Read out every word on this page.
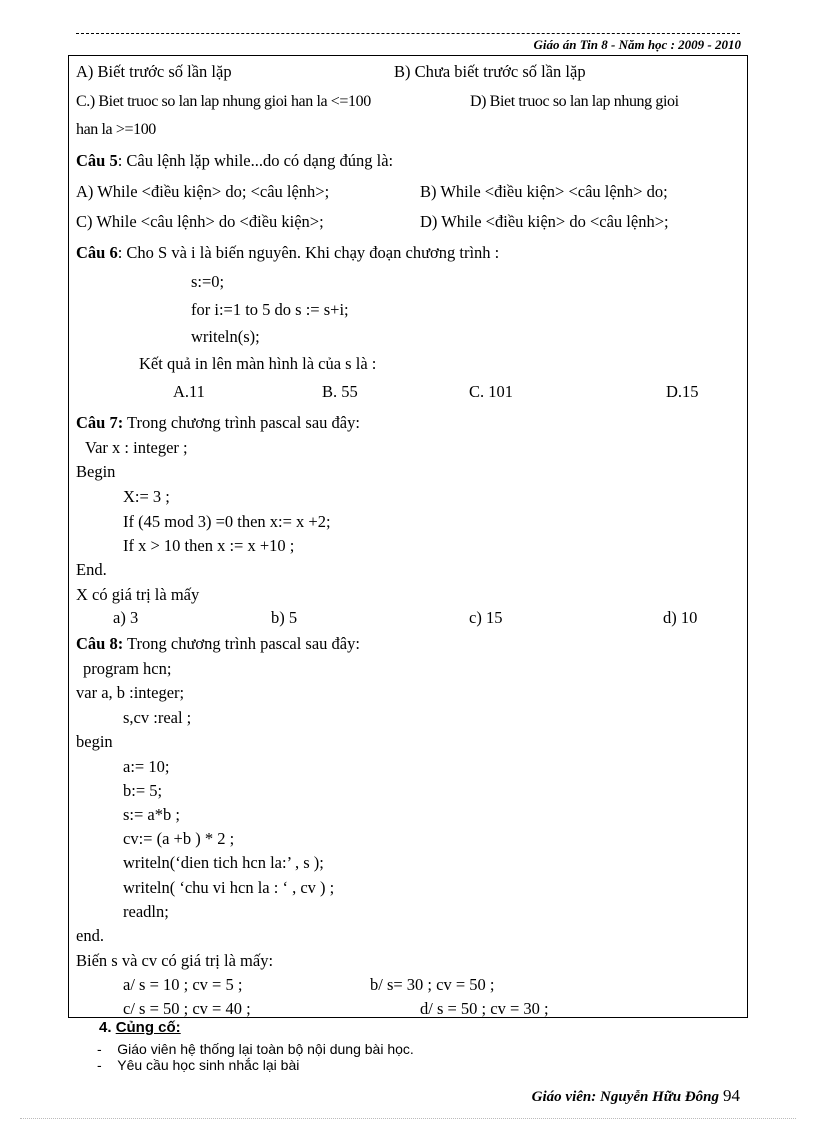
Giáo án Tin 8 - Năm học : 2009 - 2010
A) Biết trước số lần lặp	B) Chưa biết trước số lần lặp
C.) Biet truoc so lan lap nhung gioi han la <=100	D) Biet truoc so lan lap nhung gioi
han la >=100
Câu 5: Câu lệnh lặp while...do có dạng đúng là:
A) While <điều kiện> do; <câu lệnh>;	B) While <điều kiện> <câu lệnh> do;
C) While <câu lệnh> do <điều kiện>;	D) While <điều kiện> do <câu lệnh>;
Câu 6: Cho S và i là biến nguyên. Khi chạy đoạn chương trình :
s:=0;
for i:=1 to 5 do s := s+i;
writeln(s);
Kết quả in lên màn hình là của s là :
A.11	B. 55	C. 101	D.15
Câu 7: Trong chương trình pascal sau đây:
Var x : integer ;
Begin
X:= 3 ;
If (45 mod 3) =0 then x:= x +2;
If x > 10 then x := x +10 ;
End.
X có giá trị là mấy
a) 3	b) 5	c) 15	d) 10
Câu 8: Trong chương trình pascal sau đây:
program hcn;
var a, b :integer;
s,cv :real ;
begin
a:= 10;
b:= 5;
s:= a*b ;
cv:= (a +b ) * 2 ;
writeln(‘dien tich hcn la:’ , s );
writeln( ‘chu vi hcn la : ‘ , cv ) ;
readln;
end.
Biến s và cv có giá trị là mấy:
a/ s = 10 ; cv = 5 ;	b/ s= 30 ; cv = 50 ;
c/ s = 50 ; cv = 40 ;	d/ s = 50 ; cv = 30 ;
4. Củng cố:
- Giáo viên hệ thống lại toàn bộ nội dung bài học.
- Yêu cầu học sinh nhắc lại bài
Giáo viên: Nguyễn Hữu Đông 94
